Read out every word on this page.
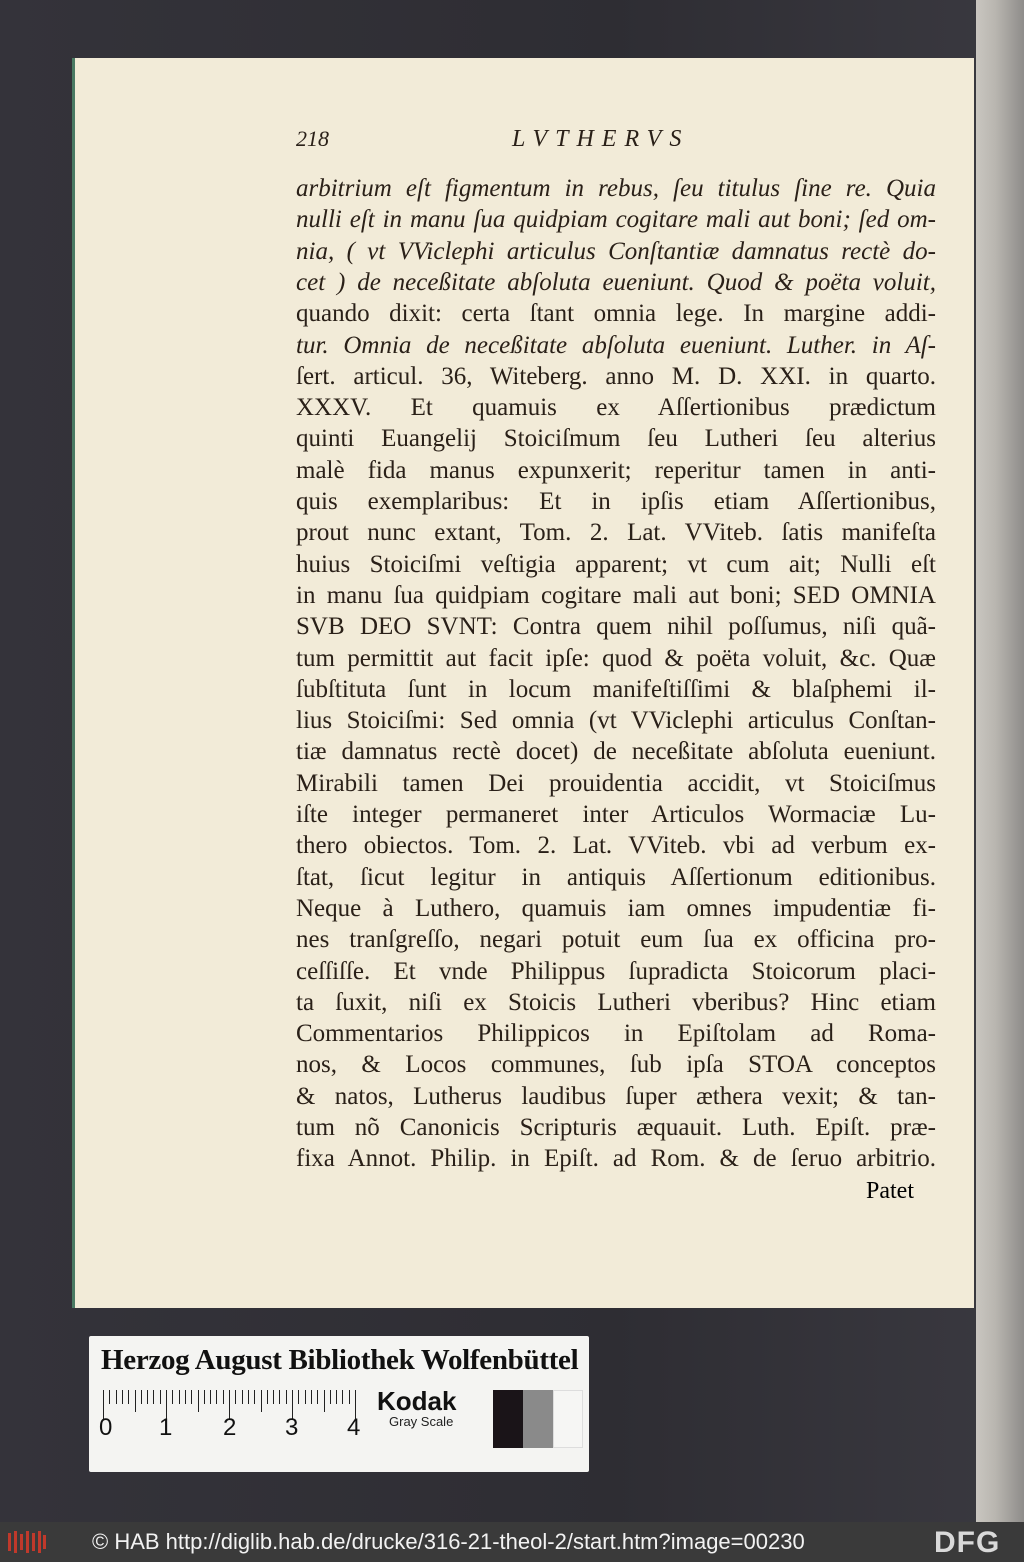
218	LVTHERVS
arbitrium eſt figmentum in rebus, ſeu titulus ſine re. Quia
nulli eſt in manu ſua quidpiam cogitare mali aut boni; ſed om-
nia, ( vt VViclephi articulus Conſtantiæ damnatus rectè do-
cet ) de neceßitate abſoluta eueniunt. Quod & poëta voluit,
quando dixit: certa ſtant omnia lege. In margine addi-
tur. Omnia de neceßitate abſoluta eueniunt. Luther. in Aſ-
ſert. articul. 36, Witeberg. anno M. D. XXI. in quarto.
XXXV. Et quamuis ex Aſſertionibus prædictum
quinti Euangelij Stoiciſmum ſeu Lutheri ſeu alterius
malè fida manus expunxerit; reperitur tamen in anti-
quis exemplaribus: Et in ipſis etiam Aſſertionibus,
prout nunc extant, Tom. 2. Lat. VViteb. ſatis manifeſta
huius Stoiciſmi veſtigia apparent; vt cum ait; Nulli eſt
in manu ſua quidpiam cogitare mali aut boni; SED OMNIA
SVB DEO SVNT: Contra quem nihil poſſumus, niſi quã-
tum permittit aut facit ipſe: quod & poëta voluit, &c. Quæ
ſubſtituta ſunt in locum manifeſtiſſimi & blaſphemi il-
lius Stoiciſmi: Sed omnia (vt VViclephi articulus Conſtan-
tiæ damnatus rectè docet) de neceßitate abſoluta eueniunt.
Mirabili tamen Dei prouidentia accidit, vt Stoiciſmus
iſte integer permaneret inter Articulos Wormaciæ Lu-
thero obiectos. Tom. 2. Lat. VViteb. vbi ad verbum ex-
ſtat, ſicut legitur in antiquis Aſſertionum editionibus.
Neque à Luthero, quamuis iam omnes impudentiæ fi-
nes tranſgreſſo, negari potuit eum ſua ex officina pro-
ceſſiſſe. Et vnde Philippus ſupradicta Stoicorum placi-
ta ſuxit, niſi ex Stoicis Lutheri vberibus? Hinc etiam
Commentarios Philippicos in Epiſtolam ad Roma-
nos, & Locos communes, ſub ipſa STOA conceptos
& natos, Lutherus laudibus ſuper æthera vexit; & tan-
tum nõ Canonicis Scripturis æquauit. Luth. Epiſt. præ-
fixa Annot. Philip. in Epiſt. ad Rom. & de ſeruo arbitrio.
Patet
Herzog August Bibliothek Wolfenbüttel
0 1 2 3 4
Kodak
Gray Scale
© HAB http://diglib.hab.de/drucke/316-21-theol-2/start.htm?image=00230	DFG
